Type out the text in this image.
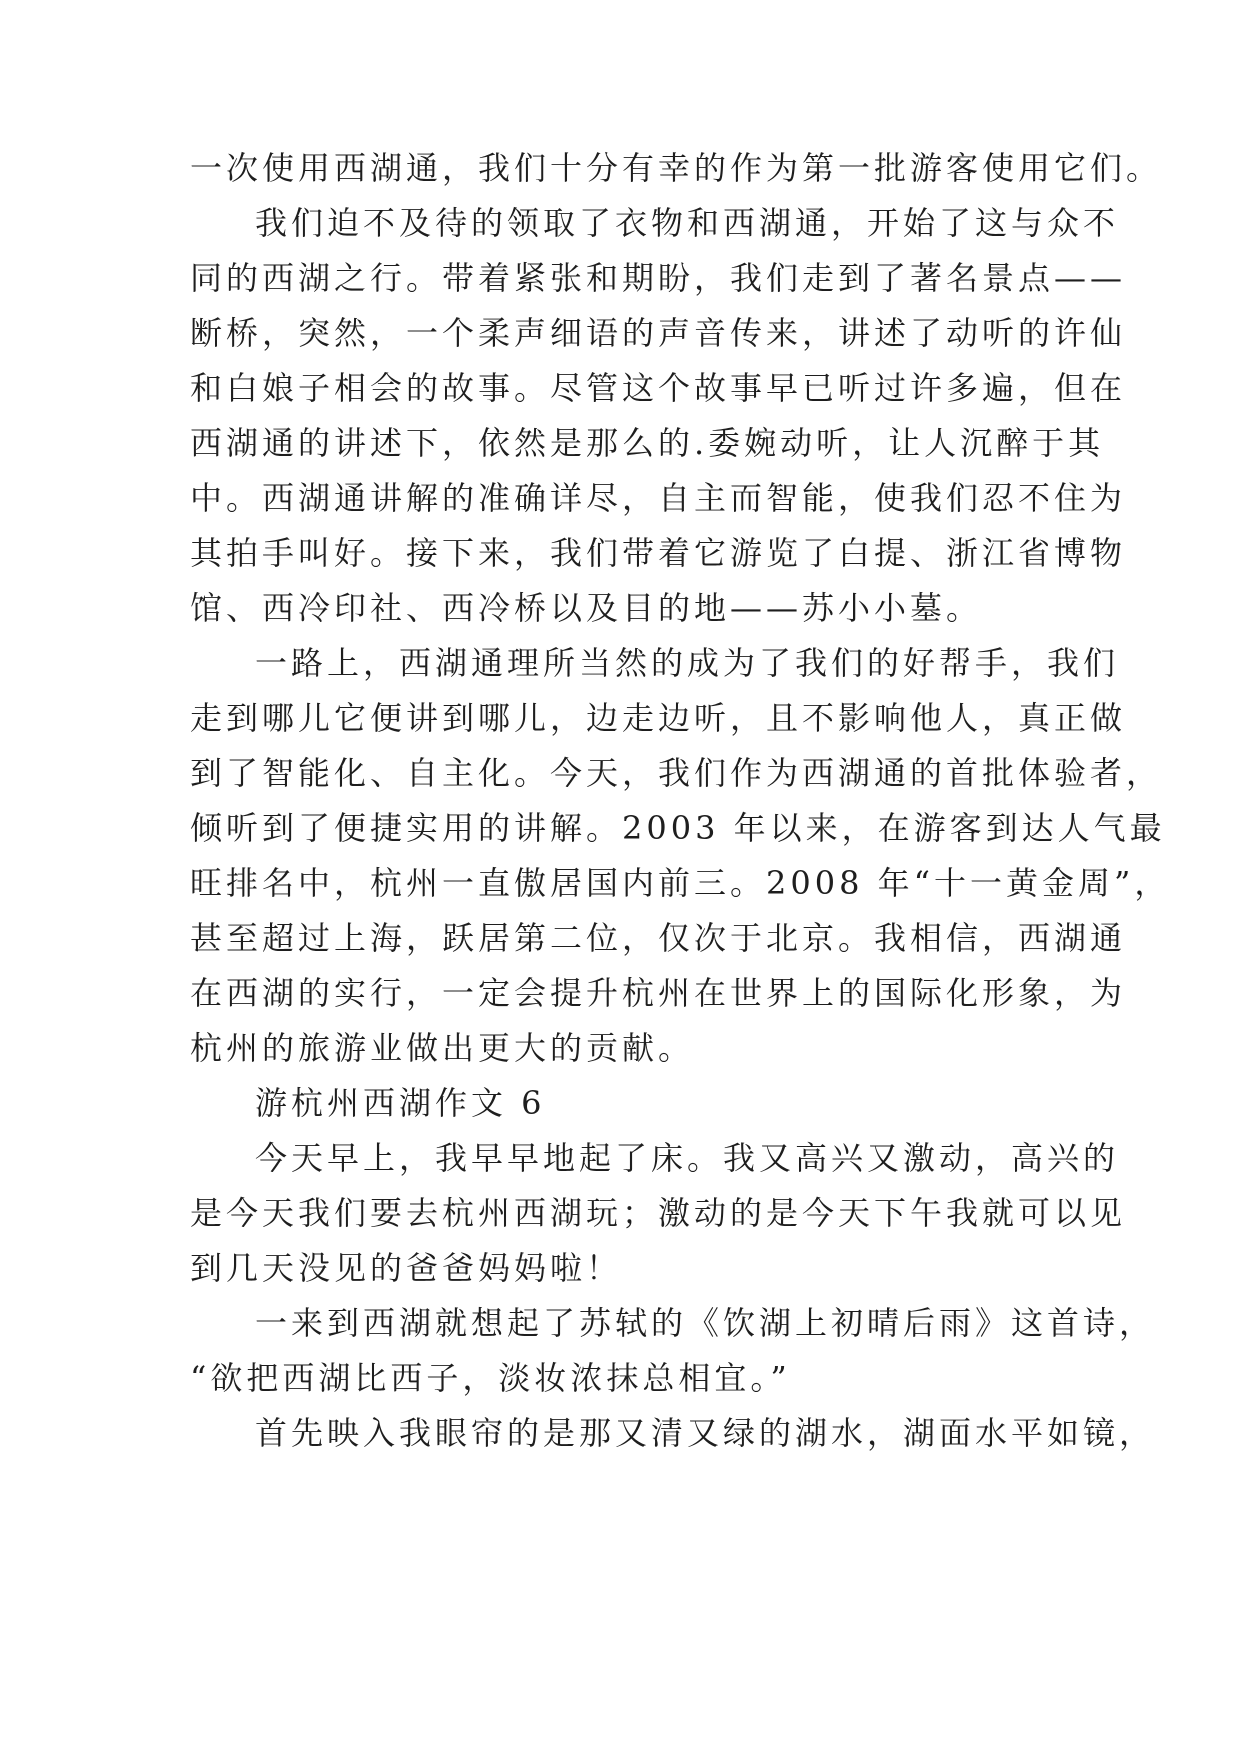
一次使用西湖通，我们十分有幸的作为第一批游客使用它们。
我们迫不及待的领取了衣物和西湖通，开始了这与众不
同的西湖之行。带着紧张和期盼，我们走到了著名景点——
断桥，突然，一个柔声细语的声音传来，讲述了动听的许仙
和白娘子相会的故事。尽管这个故事早已听过许多遍，但在
西湖通的讲述下，依然是那么的.委婉动听，让人沉醉于其
中。西湖通讲解的准确详尽，自主而智能，使我们忍不住为
其拍手叫好。接下来，我们带着它游览了白提、浙江省博物
馆、西冷印社、西冷桥以及目的地——苏小小墓。
一路上，西湖通理所当然的成为了我们的好帮手，我们
走到哪儿它便讲到哪儿，边走边听，且不影响他人，真正做
到了智能化、自主化。今天，我们作为西湖通的首批体验者，
倾听到了便捷实用的讲解。2003 年以来，在游客到达人气最
旺排名中，杭州一直傲居国内前三。2008 年“十一黄金周”，
甚至超过上海，跃居第二位，仅次于北京。我相信，西湖通
在西湖的实行，一定会提升杭州在世界上的国际化形象，为
杭州的旅游业做出更大的贡献。
游杭州西湖作文 6
今天早上，我早早地起了床。我又高兴又激动，高兴的
是今天我们要去杭州西湖玩；激动的是今天下午我就可以见
到几天没见的爸爸妈妈啦！
一来到西湖就想起了苏轼的《饮湖上初晴后雨》这首诗，
“欲把西湖比西子，淡妆浓抹总相宜。”
首先映入我眼帘的是那又清又绿的湖水，湖面水平如镜，
